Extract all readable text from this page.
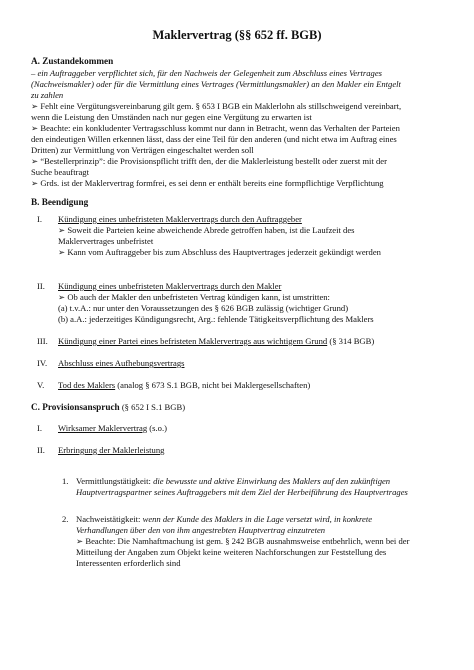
Maklervertrag (§§ 652 ff. BGB)
A. Zustandekommen
– ein Auftraggeber verpflichtet sich, für den Nachweis der Gelegenheit zum Abschluss eines Vertrages
(Nachweismakler) oder für die Vermittlung eines Vertrages (Vermittlungsmakler) an den Makler ein Entgelt
zu zahlen
➢ Fehlt eine Vergütungsvereinbarung gilt gem. § 653 I BGB ein Maklerlohn als stillschweigend vereinbart,
wenn die Leistung den Umständen nach nur gegen eine Vergütung zu erwarten ist
➢ Beachte: ein konkludenter Vertragsschluss kommt nur dann in Betracht, wenn das Verhalten der Parteien
den eindeutigen Willen erkennen lässt, dass der eine Teil für den anderen (und nicht etwa im Auftrag eines
Dritten) zur Vermittlung von Verträgen eingeschaltet werden soll
➢ “Bestellerprinzip”: die Provisionspflicht trifft den, der die Maklerleistung bestellt oder zuerst mit der
Suche beauftragt
➢ Grds. ist der Maklervertrag formfrei, es sei denn er enthält bereits eine formpflichtige Verpflichtung
B. Beendigung
I. Kündigung eines unbefristeten Maklervertrags durch den Auftraggeber
➢ Soweit die Parteien keine abweichende Abrede getroffen haben, ist die Laufzeit des
Maklervertrages unbefristet
➢ Kann vom Auftraggeber bis zum Abschluss des Hauptvertrages jederzeit gekündigt werden
II. Kündigung eines unbefristeten Maklervertrags durch den Makler
➢ Ob auch der Makler den unbefristeten Vertrag kündigen kann, ist umstritten:
(a) t.v.A.: nur unter den Voraussetzungen des § 626 BGB zulässig (wichtiger Grund)
(b) a.A.: jederzeitiges Kündigungsrecht, Arg.: fehlende Tätigkeitsverpflichtung des Maklers
III. Kündigung einer Partei eines befristeten Maklervertrags aus wichtigem Grund (§ 314 BGB)
IV. Abschluss eines Aufhebungsvertrags
V. Tod des Maklers (analog § 673 S.1 BGB, nicht bei Maklergesellschaften)
C. Provisionsanspruch (§ 652 I S.1 BGB)
I. Wirksamer Maklervertrag (s.o.)
II. Erbringung der Maklerleistung
1. Vermittlungstätigkeit: die bewusste und aktive Einwirkung des Maklers auf den zukünftigen
Hauptvertragspartner seines Auftraggebers mit dem Ziel der Herbeiführung des Hauptvertrages
2. Nachweistätigkeit: wenn der Kunde des Maklers in die Lage versetzt wird, in konkrete
Verhandlungen über den von ihm angestrebten Hauptvertrag einzutreten
➢ Beachte: Die Namhaftmachung ist gem. § 242 BGB ausnahmsweise entbehrlich, wenn bei der
Mitteilung der Angaben zum Objekt keine weiteren Nachforschungen zur Feststellung des
Interessenten erforderlich sind
